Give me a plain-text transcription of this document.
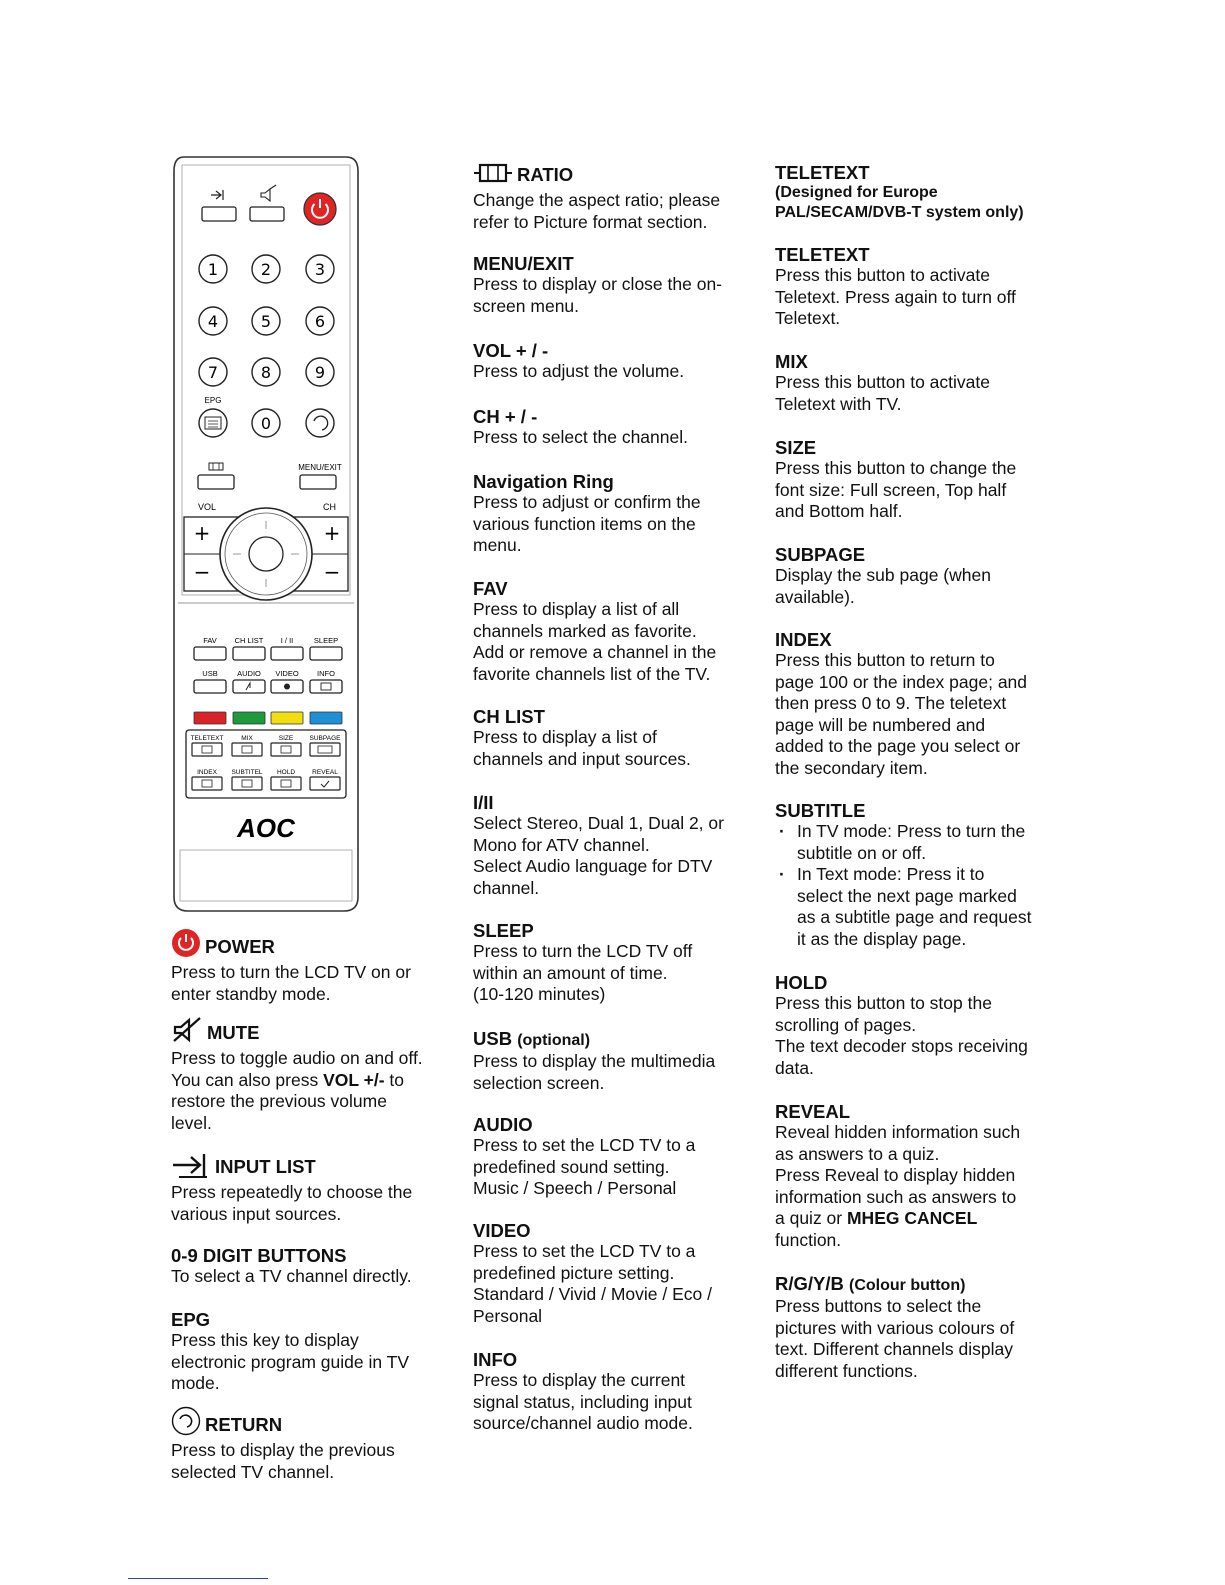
1	2	3
4	5	6
7	8	9
EPG
0
MENU/EXIT
VOL	CH
+
−
+
−
FAV CH LIST I / II	SLEEP
USB	AUDIO VIDEO INFO
TELETEXT	MIX	SIZE	SUBPAGE
INDEX SUBTITEL HOLD	REVEAL
AOC
POWER
Press to turn the LCD TV on or
enter standby mode.
MUTE
Press to toggle audio on and off.
You can also press VOL +/- to
restore the previous volume
level.
INPUT LIST
Press repeatedly to choose the
various input sources.
0-9 DIGIT BUTTONS
To select a TV channel directly.
EPG
Press this key to display
electronic program guide in TV
mode.
RETURN
Press to display the previous
selected TV channel.
RATIO
Change the aspect ratio; please
refer to Picture format section.
MENU/EXIT
Press to display or close the on-
screen menu.
VOL + / -
Press to adjust the volume.
CH + / -
Press to select the channel.
Navigation Ring
Press to adjust or confirm the
various function items on the
menu.
FAV
Press to display a list of all
channels marked as favorite.
Add or remove a channel in the
favorite channels list of the TV.
CH LIST
Press to display a list of
channels and input sources.
I/II
Select Stereo, Dual 1, Dual 2, or
Mono for ATV channel.
Select Audio language for DTV
channel.
SLEEP
Press to turn the LCD TV off
within an amount of time.
(10-120 minutes)
USB (optional)
Press to display the multimedia
selection screen.
AUDIO
Press to set the LCD TV to a
predefined sound setting.
Music / Speech / Personal
VIDEO
Press to set the LCD TV to a
predefined picture setting.
Standard / Vivid / Movie / Eco /
Personal
INFO
Press to display the current
signal status, including input
source/channel audio mode.
TELETEXT
(Designed for Europe
PAL/SECAM/DVB-T system only)
TELETEXT
Press this button to activate
Teletext. Press again to turn off
Teletext.
MIX
Press this button to activate
Teletext with TV.
SIZE
Press this button to change the
font size: Full screen, Top half
and Bottom half.
SUBPAGE
Display the sub page (when
available).
INDEX
Press this button to return to
page 100 or the index page; and
then press 0 to 9. The teletext
page will be numbered and
added to the page you select or
the secondary item.
SUBTITLE
· In TV mode: Press to turn the
subtitle on or off.
· In Text mode: Press it to
select the next page marked
as a subtitle page and request
it as the display page.
HOLD
Press this button to stop the
scrolling of pages.
The text decoder stops receiving
data.
REVEAL
Reveal hidden information such
as answers to a quiz.
Press Reveal to display hidden
information such as answers to
a quiz or MHEG CANCEL
function.
R/G/Y/B (Colour button)
Press buttons to select the
pictures with various colours of
text. Different channels display
different functions.
